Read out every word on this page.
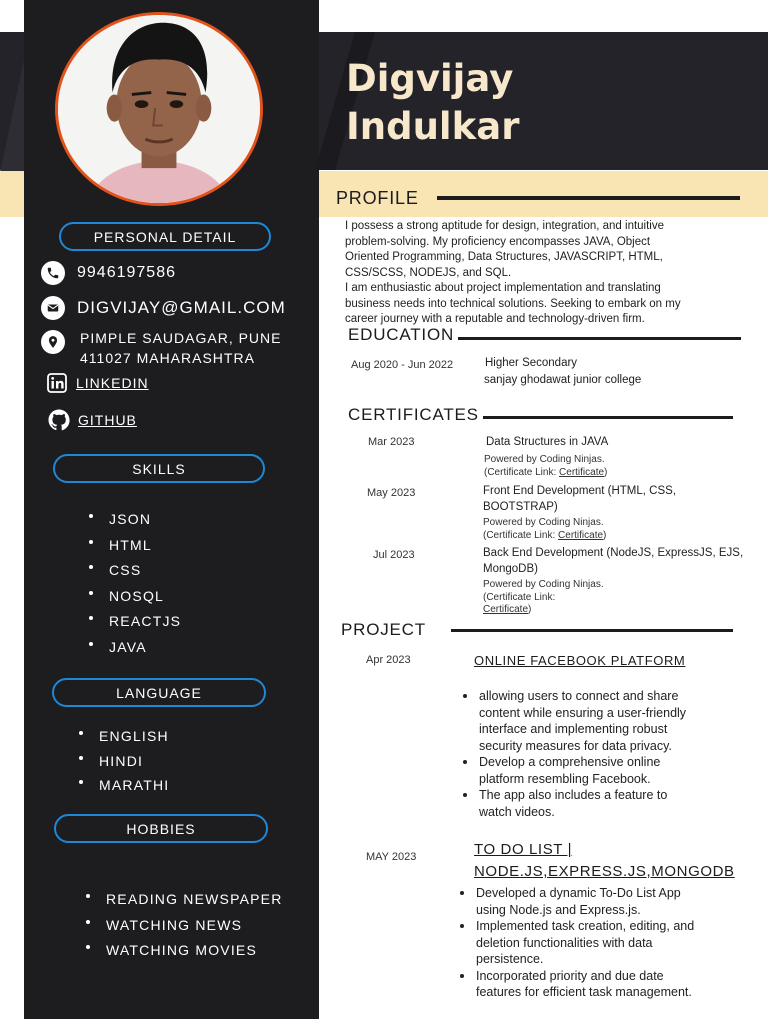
Digvijay
Indulkar
PERSONAL DETAIL
9946197586
DIGVIJAY@GMAIL.COM
PIMPLE SAUDAGAR, PUNE
411027 MAHARASHTRA
LINKEDIN
GITHUB
SKILLS
JSON
HTML
CSS
NOSQL
REACTJS
JAVA
LANGUAGE
ENGLISH
HINDI
MARATHI
HOBBIES
READING NEWSPAPER
WATCHING NEWS
WATCHING MOVIES
PROFILE
I possess a strong aptitude for design, integration, and intuitive
problem-solving. My proficiency encompasses JAVA, Object
Oriented Programming, Data Structures, JAVASCRIPT, HTML,
CSS/SCSS, NODEJS, and SQL.
I am enthusiastic about project implementation and translating
business needs into technical solutions. Seeking to embark on my
career journey with a reputable and technology-driven firm.
EDUCATION
Aug 2020 - Jun 2022	Higher Secondary
sanjay ghodawat junior college
CERTIFICATES
Mar 2023	Data Structures in JAVA
Powered by Coding Ninjas.
(Certificate Link: Certificate)
May 2023	Front End Development (HTML, CSS,
BOOTSTRAP)
Powered by Coding Ninjas.
(Certificate Link: Certificate)
Jul 2023	Back End Development (NodeJS, ExpressJS, EJS,
MongoDB)
Powered by Coding Ninjas.
(Certificate Link:
Certificate)
PROJECT
Apr 2023	ONLINE FACEBOOK PLATFORM
allowing users to connect and share
content while ensuring a user-friendly
interface and implementing robust
security measures for data privacy.
Develop a comprehensive online
platform resembling Facebook.
The app also includes a feature to
watch videos.
MAY 2023	TO DO LIST |
NODE.JS,EXPRESS.JS,MONGODB
Developed a dynamic To-Do List App
using Node.js and Express.js.
Implemented task creation, editing, and
deletion functionalities with data
persistence.
Incorporated priority and due date
features for efficient task management.
